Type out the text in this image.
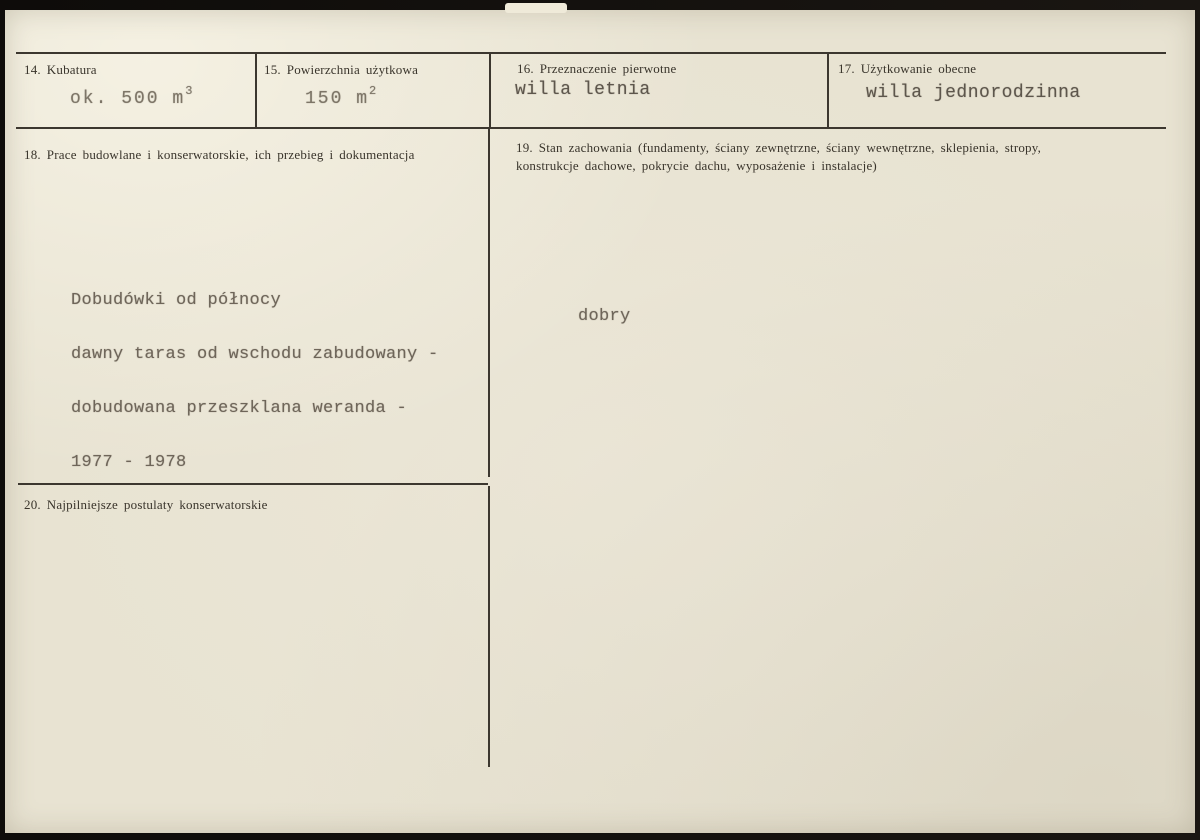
14. Kubatura
ok. 500 $m^3$
15. Powierzchnia użytkowa
150 $m^2$
16. Przeznaczenie pierwotne
willa letnia
17. Użytkowanie obecne
willa jednorodzinna
18. Prace budowlane i konserwatorskie, ich przebieg i dokumentacja

Dobudówki od północy

dawny taras od wschodu zabudowany -

dobudowana przeszklana weranda -

1977 - 1978

19. Stan zachowania (fundamenty, ściany zewnętrzne, ściany wewnętrzne, sklepienia, stropy, konstrukcje dachowe, pokrycie dachu, wyposażenie i instalacje)
dobry
20. Najpilniejsze postulaty konserwatorskie
